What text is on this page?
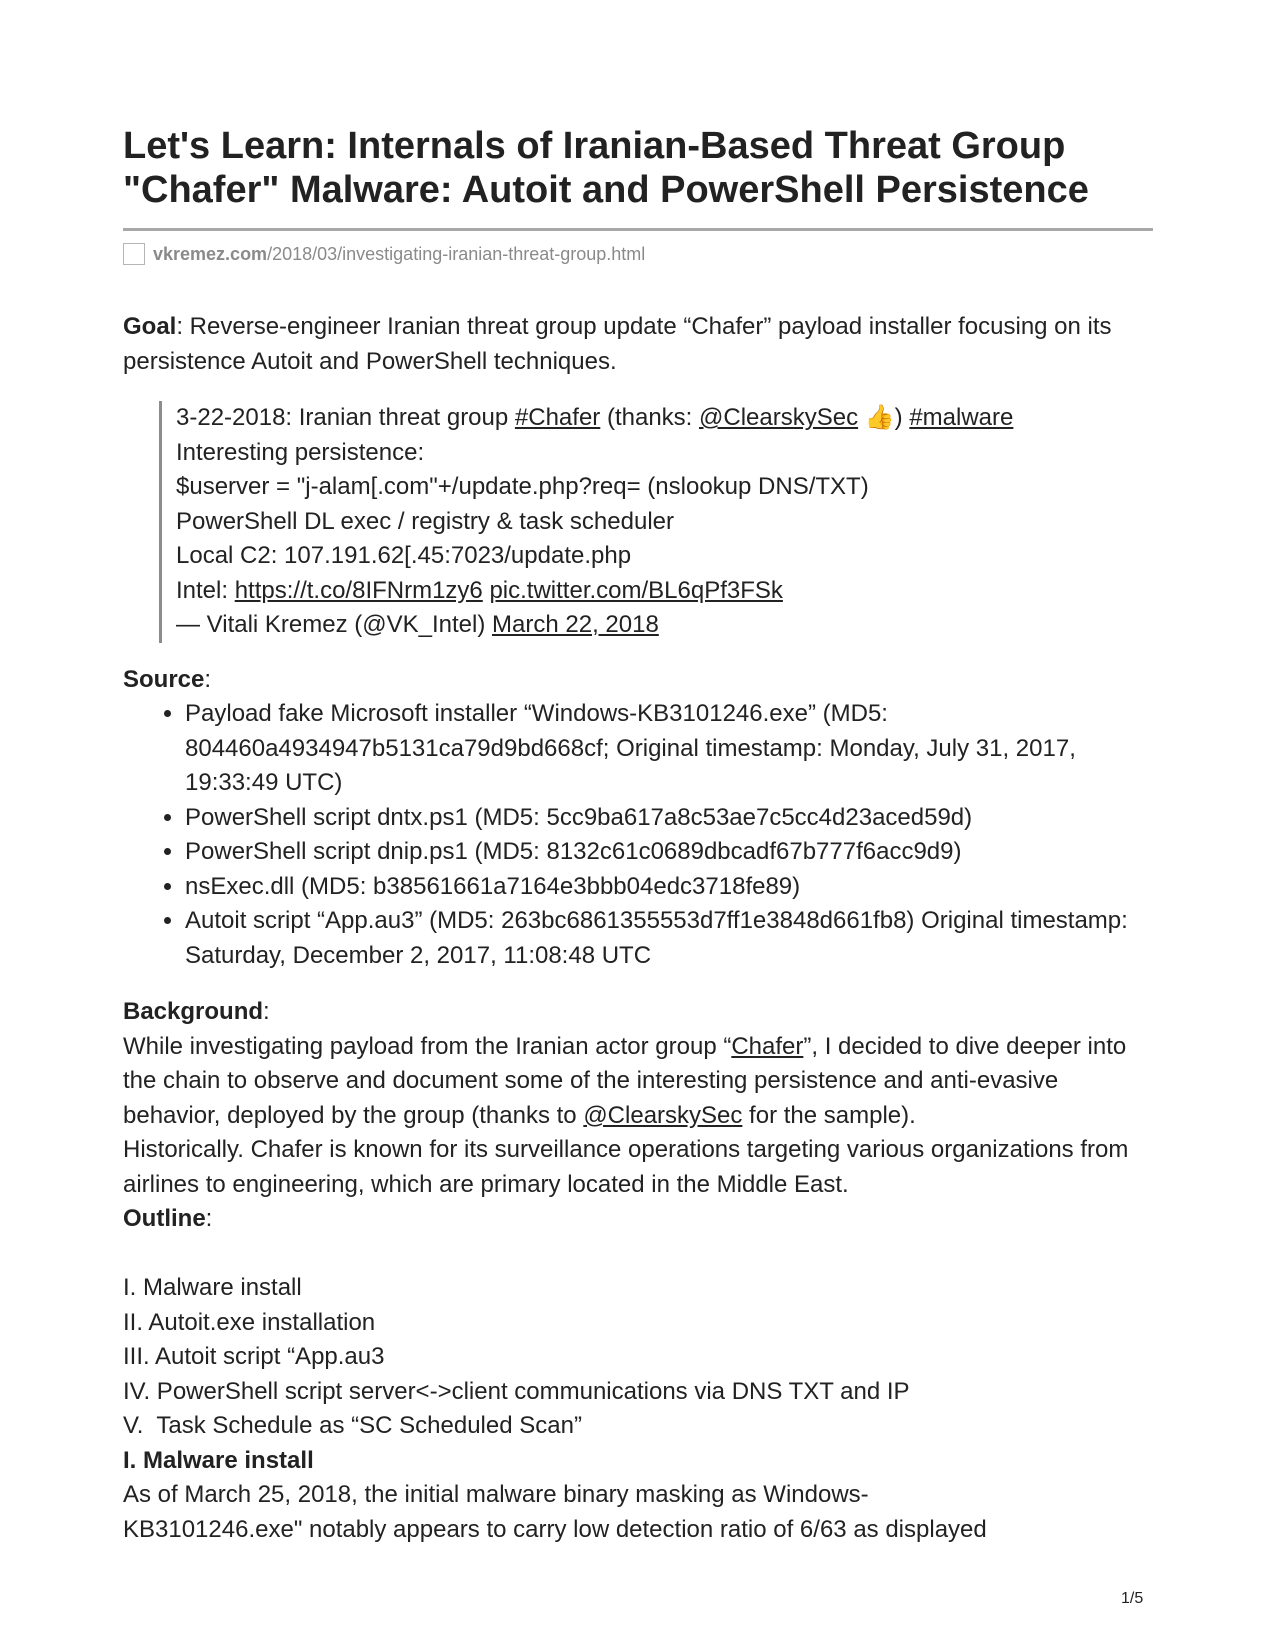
Let's Learn: Internals of Iranian-Based Threat Group
"Chafer" Malware: Autoit and PowerShell Persistence
vkremez.com /2018/03/investigating-iranian-threat-group.html

Goal: Reverse-engineer Iranian threat group update “Chafer” payload installer focusing on its persistence Autoit and PowerShell techniques.

3-22-2018: Iranian threat group #Chafer (thanks: @ClearskySec 👍) #malware
Interesting persistence:
$userver = "j-alam[.com"+/update.php?req= (nslookup DNS/TXT)
PowerShell DL exec / registry & task scheduler
Local C2: 107.191.62[.45:7023/update.php
Intel: https://t.co/8IFNrm1zy6 pic.twitter.com/BL6qPf3FSk
— Vitali Kremez (@VK_Intel) March 22, 2018

Source:

• Payload fake Microsoft installer “Windows-KB3101246.exe” (MD5: 804460a4934947b5131ca79d9bd668cf; Original timestamp: Monday, July 31, 2017, 19:33:49 UTC)
• PowerShell script dntx.ps1 (MD5: 5cc9ba617a8c53ae7c5cc4d23aced59d)
• PowerShell script dnip.ps1 (MD5: 8132c61c0689dbcadf67b777f6acc9d9)
• nsExec.dll (MD5: b38561661a7164e3bbb04edc3718fe89)
• Autoit script “App.au3” (MD5: 263bc6861355553d7ff1e3848d661fb8) Original timestamp: Saturday, December 2, 2017, 11:08:48 UTC

Background:

While investigating payload from the Iranian actor group “Chafer”, I decided to dive deeper into the chain to observe and document some of the interesting persistence and anti-evasive behavior, deployed by the group (thanks to @ClearskySec for the sample).

Historically. Chafer is known for its surveillance operations targeting various organizations from airlines to engineering, which are primary located in the Middle East.

Outline:

I. Malware install

II. Autoit.exe installation

III. Autoit script “App.au3

IV. PowerShell script server<->client communications via DNS TXT and IP

V.  Task Schedule as “SC Scheduled Scan”

I. Malware install

As of March 25, 2018, the initial malware binary masking as Windows-
KB3101246.exe" notably appears to carry low detection ratio of 6/63 as displayed

1/5
